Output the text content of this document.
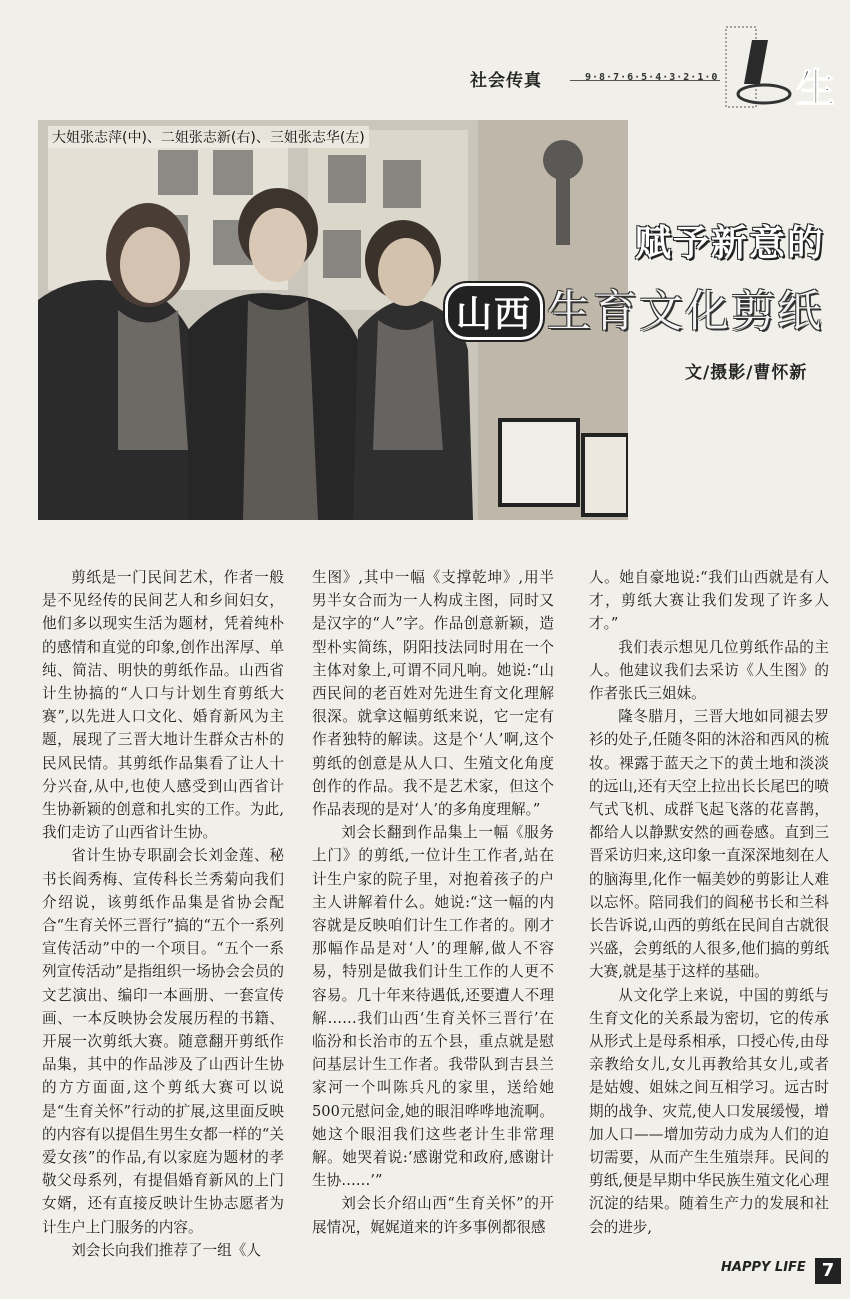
社会传真	9·8·7·6·5·4·3·2·1·0 生
大姐张志萍(中)、二姐张志新(右)、三姐张志华(左)
赋予新意的
山西 生育文化剪纸
文/摄影/曹怀新

剪纸是一门民间艺术，作者一般是不见经传的民间艺人和乡间妇女，他们多以现实生活为题材，凭着纯朴的感情和直觉的印象,创作出浑厚、单纯、简洁、明快的剪纸作品。山西省计生协搞的“人口与计划生育剪纸大赛”,以先进人口文化、婚育新风为主题，展现了三晋大地计生群众古朴的民风民情。其剪纸作品集看了让人十分兴奋,从中,也使人感受到山西省计生协新颖的创意和扎实的工作。为此,我们走访了山西省计生协。

省计生协专职副会长刘金莲、秘书长阎秀梅、宣传科长兰秀菊向我们介绍说，该剪纸作品集是省协会配合“生育关怀三晋行”搞的“五个一系列宣传活动”中的一个项目。“五个一系列宣传活动”是指组织一场协会会员的文艺演出、编印一本画册、一套宣传画、一本反映协会发展历程的书籍、开展一次剪纸大赛。随意翻开剪纸作品集，其中的作品涉及了山西计生协的方方面面,这个剪纸大赛可以说是“生育关怀”行动的扩展,这里面反映的内容有以提倡生男生女都一样的“关爱女孩”的作品,有以家庭为题材的孝敬父母系列，有提倡婚育新风的上门女婿，还有直接反映计生协志愿者为计生户上门服务的内容。

刘会长向我们推荐了一组《人

生图》,其中一幅《支撑乾坤》,用半男半女合而为一人构成主图，同时又是汉字的“人”字。作品创意新颖，造型朴实简练，阴阳技法同时用在一个主体对象上,可谓不同凡响。她说:“山西民间的老百姓对先进生育文化理解很深。就拿这幅剪纸来说，它一定有作者独特的解读。这是个‘人’啊,这个剪纸的创意是从人口、生殖文化角度创作的作品。我不是艺术家，但这个作品表现的是对‘人’的多角度理解。”

刘会长翻到作品集上一幅《服务上门》的剪纸,一位计生工作者,站在计生户家的院子里，对抱着孩子的户主人讲解着什么。她说:“这一幅的内容就是反映咱们计生工作者的。刚才那幅作品是对‘人’的理解,做人不容易，特别是做我们计生工作的人更不容易。几十年来待遇低,还要遭人不理解……我们山西‘生育关怀三晋行’在临汾和长治市的五个县，重点就是慰问基层计生工作者。我带队到吉县兰家河一个叫陈兵凡的家里，送给她500元慰问金,她的眼泪哗哗地流啊。她这个眼泪我们这些老计生非常理解。她哭着说:‘感谢党和政府,感谢计生协……’”

刘会长介绍山西“生育关怀”的开展情况，娓娓道来的许多事例都很感

人。她自豪地说:“我们山西就是有人才，剪纸大赛让我们发现了许多人才。”

我们表示想见几位剪纸作品的主人。他建议我们去采访《人生图》的作者张氏三姐妹。

隆冬腊月，三晋大地如同褪去罗衫的处子,任随冬阳的沐浴和西风的梳妆。裸露于蓝天之下的黄土地和淡淡的远山,还有天空上拉出长长尾巴的喷气式飞机、成群飞起飞落的花喜鹊，都给人以静默安然的画卷感。直到三晋采访归来,这印象一直深深地刻在人的脑海里,化作一幅美妙的剪影让人难以忘怀。陪同我们的阎秘书长和兰科长告诉说,山西的剪纸在民间自古就很兴盛，会剪纸的人很多,他们搞的剪纸大赛,就是基于这样的基础。

从文化学上来说，中国的剪纸与生育文化的关系最为密切，它的传承从形式上是母系相承，口授心传,由母亲教给女儿,女儿再教给其女儿,或者是姑嫂、姐妹之间互相学习。远古时期的战争、灾荒,使人口发展缓慢，增加人口——增加劳动力成为人们的迫切需要，从而产生生殖崇拜。民间的剪纸,便是早期中华民族生殖文化心理沉淀的结果。随着生产力的发展和社会的进步,

HAPPY LIFE 7
